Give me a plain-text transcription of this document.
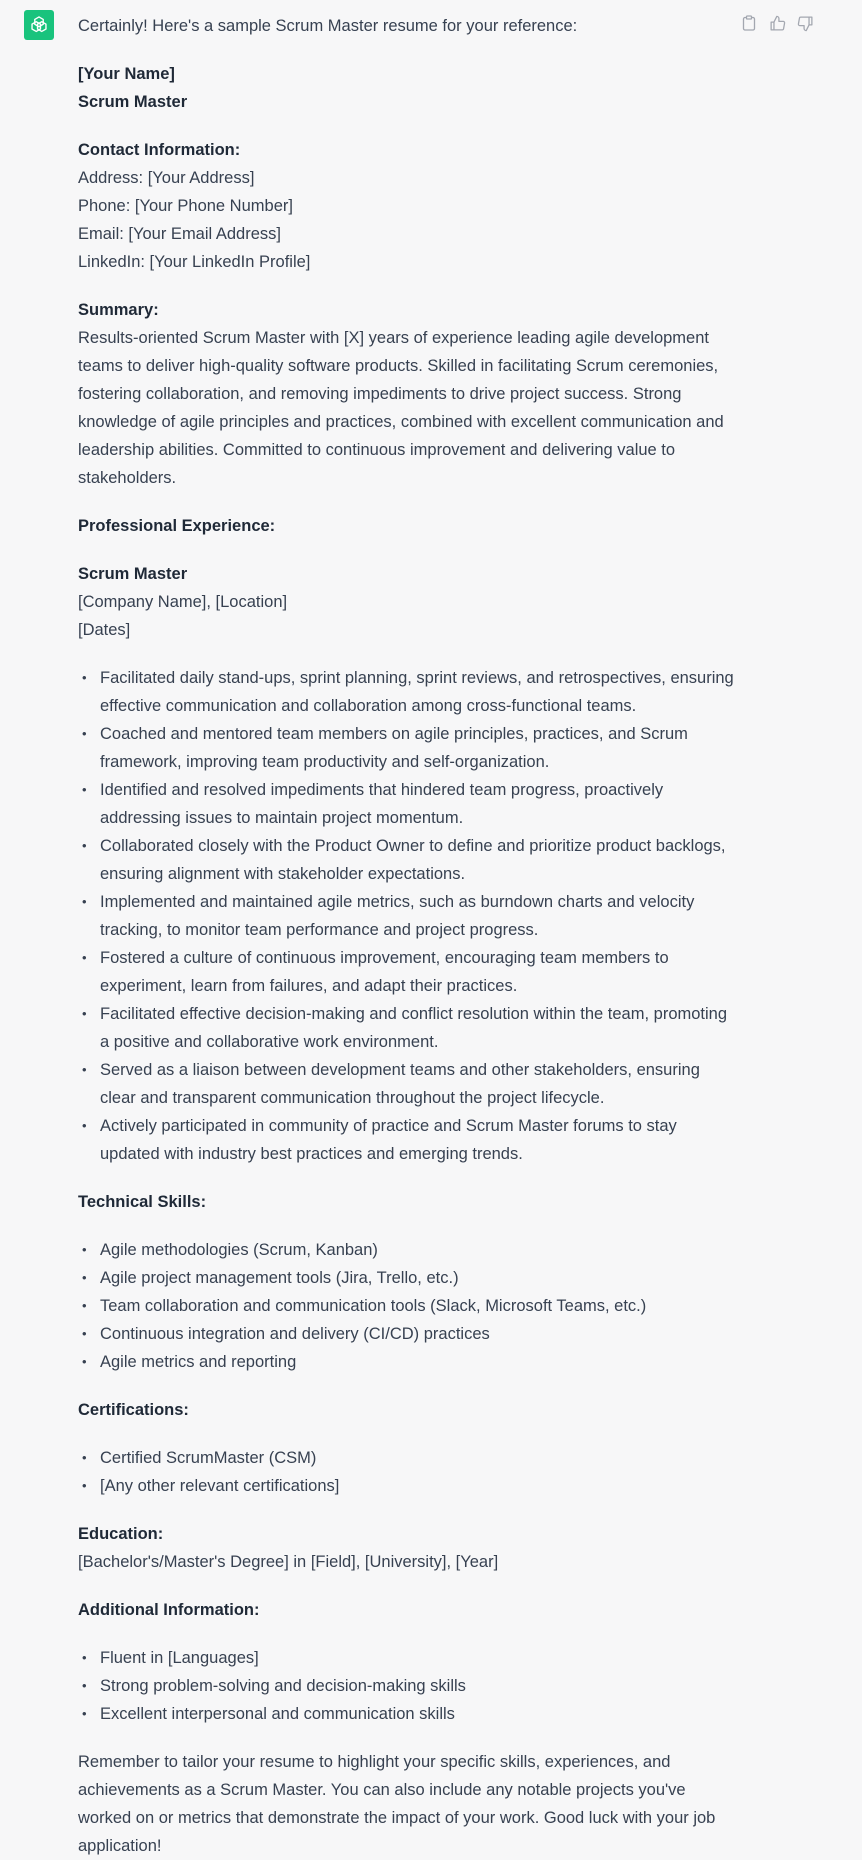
Certainly! Here's a sample Scrum Master resume for your reference:

[Your Name]
Scrum Master

Contact Information:
Address: [Your Address]
Phone: [Your Phone Number]
Email: [Your Email Address]
LinkedIn: [Your LinkedIn Profile]

Summary:
Results-oriented Scrum Master with [X] years of experience leading agile development teams to deliver high-quality software products. Skilled in facilitating Scrum ceremonies, fostering collaboration, and removing impediments to drive project success. Strong knowledge of agile principles and practices, combined with excellent communication and leadership abilities. Committed to continuous improvement and delivering value to stakeholders.

Professional Experience:

Scrum Master
[Company Name], [Location]
[Dates]

• Facilitated daily stand-ups, sprint planning, sprint reviews, and retrospectives, ensuring effective communication and collaboration among cross-functional teams.
• Coached and mentored team members on agile principles, practices, and Scrum framework, improving team productivity and self-organization.
• Identified and resolved impediments that hindered team progress, proactively addressing issues to maintain project momentum.
• Collaborated closely with the Product Owner to define and prioritize product backlogs, ensuring alignment with stakeholder expectations.
• Implemented and maintained agile metrics, such as burndown charts and velocity tracking, to monitor team performance and project progress.
• Fostered a culture of continuous improvement, encouraging team members to experiment, learn from failures, and adapt their practices.
• Facilitated effective decision-making and conflict resolution within the team, promoting a positive and collaborative work environment.
• Served as a liaison between development teams and other stakeholders, ensuring clear and transparent communication throughout the project lifecycle.
• Actively participated in community of practice and Scrum Master forums to stay updated with industry best practices and emerging trends.

Technical Skills:

• Agile methodologies (Scrum, Kanban)
• Agile project management tools (Jira, Trello, etc.)
• Team collaboration and communication tools (Slack, Microsoft Teams, etc.)
• Continuous integration and delivery (CI/CD) practices
• Agile metrics and reporting

Certifications:

• Certified ScrumMaster (CSM)
• [Any other relevant certifications]

Education:
[Bachelor's/Master's Degree] in [Field], [University], [Year]

Additional Information:

• Fluent in [Languages]
• Strong problem-solving and decision-making skills
• Excellent interpersonal and communication skills

Remember to tailor your resume to highlight your specific skills, experiences, and achievements as a Scrum Master. You can also include any notable projects you've worked on or metrics that demonstrate the impact of your work. Good luck with your job application!
